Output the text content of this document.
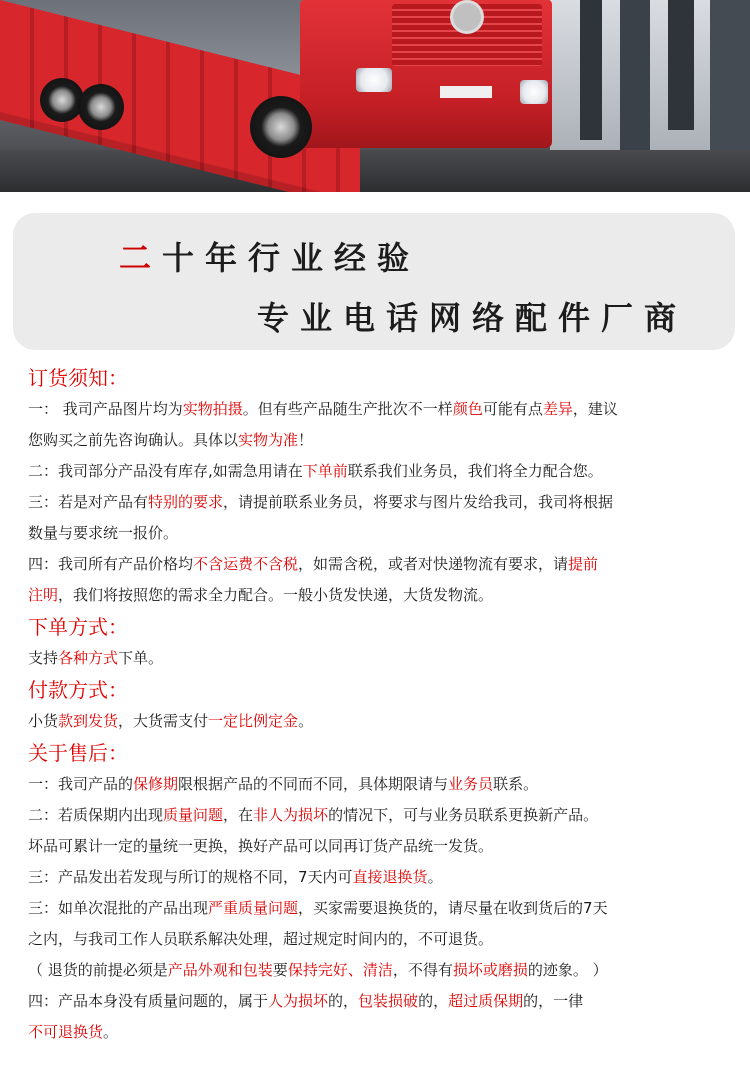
二十年行业经验
专业电话网络配件厂商
订货须知：
一： 我司产品图片均为实物拍摄。但有些产品随生产批次不一样颜色可能有点差异，建议
您购买之前先咨询确认。具体以实物为准！
二：我司部分产品没有库存,如需急用请在下单前联系我们业务员，我们将全力配合您。
三：若是对产品有特别的要求，请提前联系业务员，将要求与图片发给我司，我司将根据
数量与要求统一报价。
四：我司所有产品价格均不含运费不含税，如需含税，或者对快递物流有要求，请提前
注明，我们将按照您的需求全力配合。一般小货发快递，大货发物流。
下单方式：
支持各种方式下单。
付款方式：
小货款到发货，大货需支付一定比例定金。
关于售后：
一：我司产品的保修期限根据产品的不同而不同，具体期限请与业务员联系。
二：若质保期内出现质量问题，在非人为损坏的情况下，可与业务员联系更换新产品。
坏品可累计一定的量统一更换，换好产品可以同再订货产品统一发货。
三：产品发出若发现与所订的规格不同，7天内可直接退换货。
三：如单次混批的产品出现严重质量问题，买家需要退换货的，请尽量在收到货后的7天
之内，与我司工作人员联系解决处理，超过规定时间内的，不可退货。
（ 退货的前提必须是产品外观和包装要保持完好、清洁，不得有损坏或磨损的迹象。 ）
四：产品本身没有质量问题的，属于人为损坏的，包装损破的，超过质保期的，一律
不可退换货。
